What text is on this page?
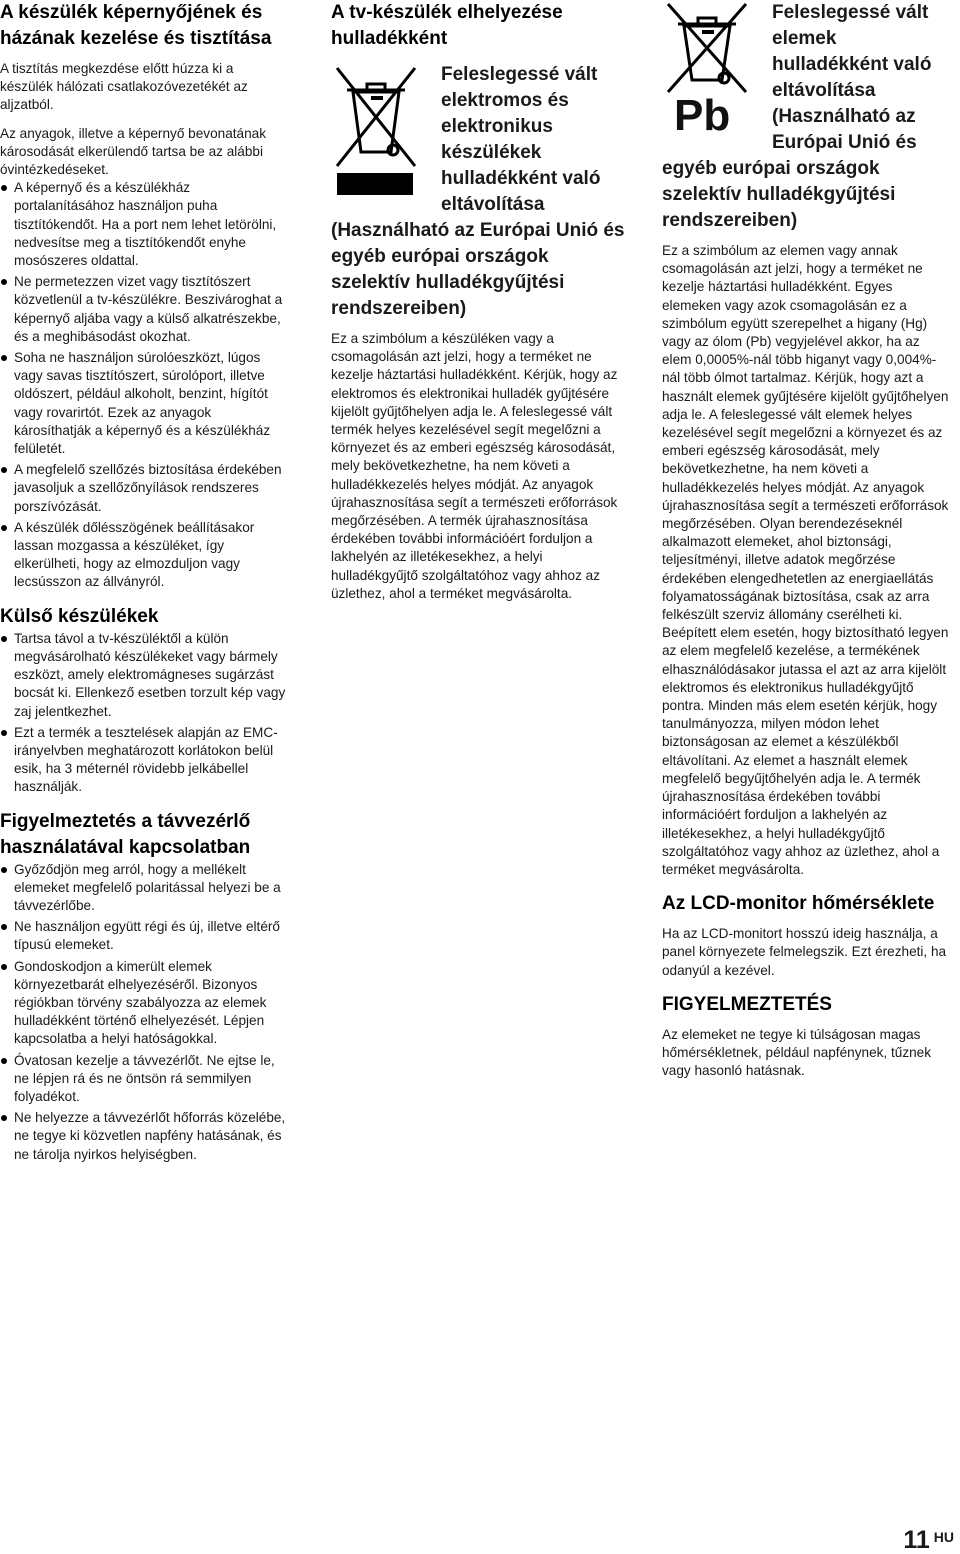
A készülék képernyőjének és házának kezelése és tisztítása

A tisztítás megkezdése előtt húzza ki a készülék hálózati csatlakozóvezetékét az aljzatból.

Az anyagok, illetve a képernyő bevonatának károsodását elkerülendő tartsa be az alábbi óvintézkedéseket.

A képernyő és a készülékház portalanításához használjon puha tisztítókendőt. Ha a port nem lehet letörölni, nedvesítse meg a tisztítókendőt enyhe mosószeres oldattal.
Ne permetezzen vizet vagy tisztítószert közvetlenül a tv-készülékre. Beszivároghat a képernyő aljába vagy a külső alkatrészekbe, és a meghibásodást okozhat.
Soha ne használjon súrolóeszközt, lúgos vagy savas tisztítószert, súrolóport, illetve oldószert, például alkoholt, benzint, hígítót vagy rovarirtót. Ezek az anyagok károsíthatják a képernyő és a készülékház felületét.
A megfelelő szellőzés biztosítása érdekében javasoljuk a szellőzőnyílások rendszeres porszívózását.
A készülék dőlésszögének beállításakor lassan mozgassa a készüléket, így elkerülheti, hogy az elmozduljon vagy lecsússzon az állványról.
Külső készülékek
Tartsa távol a tv-készüléktől a külön megvásárolható készülékeket vagy bármely eszközt, amely elektromágneses sugárzást bocsát ki. Ellenkező esetben torzult kép vagy zaj jelentkezhet.
Ezt a termék a tesztelések alapján az EMC-irányelvben meghatározott korlátokon belül esik, ha 3 méternél rövidebb jelkábellel használják.
Figyelmeztetés a távvezérlő használatával kapcsolatban
Győződjön meg arról, hogy a mellékelt elemeket megfelelő polaritással helyezi be a távvezérlőbe.
Ne használjon együtt régi és új, illetve eltérő típusú elemeket.
Gondoskodjon a kimerült elemek környezetbarát elhelyezéséről. Bizonyos régiókban törvény szabályozza az elemek hulladékként történő elhelyezését. Lépjen kapcsolatba a helyi hatóságokkal.
Óvatosan kezelje a távvezérlőt. Ne ejtse le, ne lépjen rá és ne öntsön rá semmilyen folyadékot.
Ne helyezze a távvezérlőt hőforrás közelébe, ne tegye ki közvetlen napfény hatásának, és ne tárolja nyirkos helyiségben.
A tv-készülék elhelyezése hulladékként
Feleslegessé vált elektromos és elektronikus készülékek hulladékként való eltávolítása
(Használható az Európai Unió és egyéb európai országok szelektív hulladékgyűjtési rendszereiben)

Ez a szimbólum a készüléken vagy a csomagolásán azt jelzi, hogy a terméket ne kezelje háztartási hulladékként. Kérjük, hogy az elektromos és elektronikai hulladék gyűjtésére kijelölt gyűjtőhelyen adja le. A feleslegessé vált termék helyes kezelésével segít megelőzni a környezet és az emberi egészség károsodását, mely bekövetkezhetne, ha nem követi a hulladékkezelés helyes módját. Az anyagok újrahasznosítása segít a természeti erőforrások megőrzésében. A termék újrahasznosítása érdekében további információért forduljon a lakhelyén az illetékesekhez, a helyi hulladékgyűjtő szolgáltatóhoz vagy ahhoz az üzlethez, ahol a terméket megvásárolta.

Pb
Feleslegessé vált elemek hulladékként való eltávolítása (Használható az Európai Unió és
egyéb európai országok szelektív hulladékgyűjtési rendszereiben)

Ez a szimbólum az elemen vagy annak csomagolásán azt jelzi, hogy a terméket ne kezelje háztartási hulladékként. Egyes elemeken vagy azok csomagolásán ez a szimbólum együtt szerepelhet a higany (Hg) vagy az ólom (Pb) vegyjelével akkor, ha az elem 0,0005%-nál több higanyt vagy 0,004%-nál több ólmot tartalmaz. Kérjük, hogy azt a használt elemek gyűjtésére kijelölt gyűjtőhelyen adja le. A feleslegessé vált elemek helyes kezelésével segít megelőzni a környezet és az emberi egészség károsodását, mely bekövetkezhetne, ha nem követi a hulladékkezelés helyes módját. Az anyagok újrahasznosítása segít a természeti erőforrások megőrzésében. Olyan berendezéseknél alkalmazott elemeket, ahol biztonsági, teljesítményi, illetve adatok megőrzése érdekében elengedhetetlen az energiaellátás folyamatosságának biztosítása, csak az arra felkészült szerviz állomány cserélheti ki. Beépített elem esetén, hogy biztosítható legyen az elem megfelelő kezelése, a termékének elhasználódásakor jutassa el azt az arra kijelölt elektromos és elektronikus hulladékgyűjtő pontra. Minden más elem esetén kérjük, hogy tanulmányozza, milyen módon lehet biztonságosan az elemet a készülékből eltávolítani. Az elemet a használt elemek megfelelő begyűjtőhelyén adja le. A termék újrahasznosítása érdekében további információért forduljon a lakhelyén az illetékesekhez, a helyi hulladékgyűjtő szolgáltatóhoz vagy ahhoz az üzlethez, ahol a terméket megvásárolta.

Az LCD-monitor hőmérséklete

Ha az LCD-monitort hosszú ideig használja, a panel környezete felmelegszik. Ezt érezheti, ha odanyúl a kezével.

FIGYELMEZTETÉS

Az elemeket ne tegye ki túlságosan magas hőmérsékletnek, például napfénynek, tűznek vagy hasonló hatásnak.

11 HU
